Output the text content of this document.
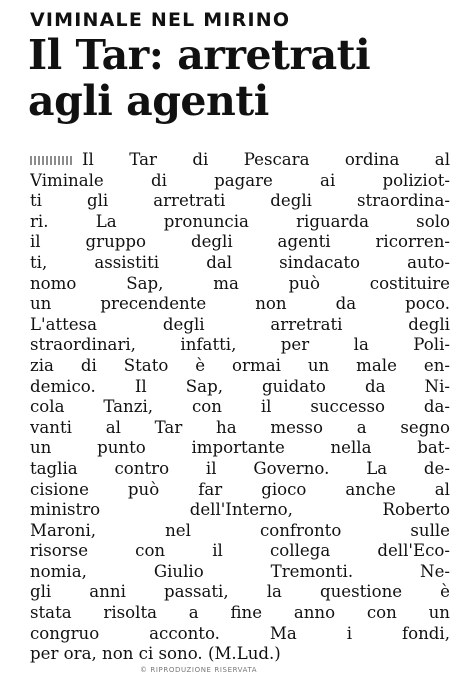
VIMINALE NEL MIRINO
Il Tar: arretrati
agli agenti
Il Tar di Pescara ordina al
Viminale di pagare ai poliziot-
ti gli arretrati degli straordina-
ri. La pronuncia riguarda solo
il gruppo degli agenti ricorren-
ti, assistiti dal sindacato auto-
nomo Sap, ma può costituire
un precendente non da poco.
L'attesa degli arretrati degli
straordinari, infatti, per la Poli-
zia di Stato è ormai un male en-
demico. Il Sap, guidato da Ni-
cola Tanzi, con il successo da-
vanti al Tar ha messo a segno
un punto importante nella bat-
taglia contro il Governo. La de-
cisione può far gioco anche al
ministro dell'Interno, Roberto
Maroni, nel confronto sulle
risorse con il collega dell'Eco-
nomia, Giulio Tremonti. Ne-
gli anni passati, la questione è
stata risolta a fine anno con un
congruo acconto. Ma i fondi,
per ora, non ci sono. (M.Lud.)
© RIPRODUZIONE RISERVATA
